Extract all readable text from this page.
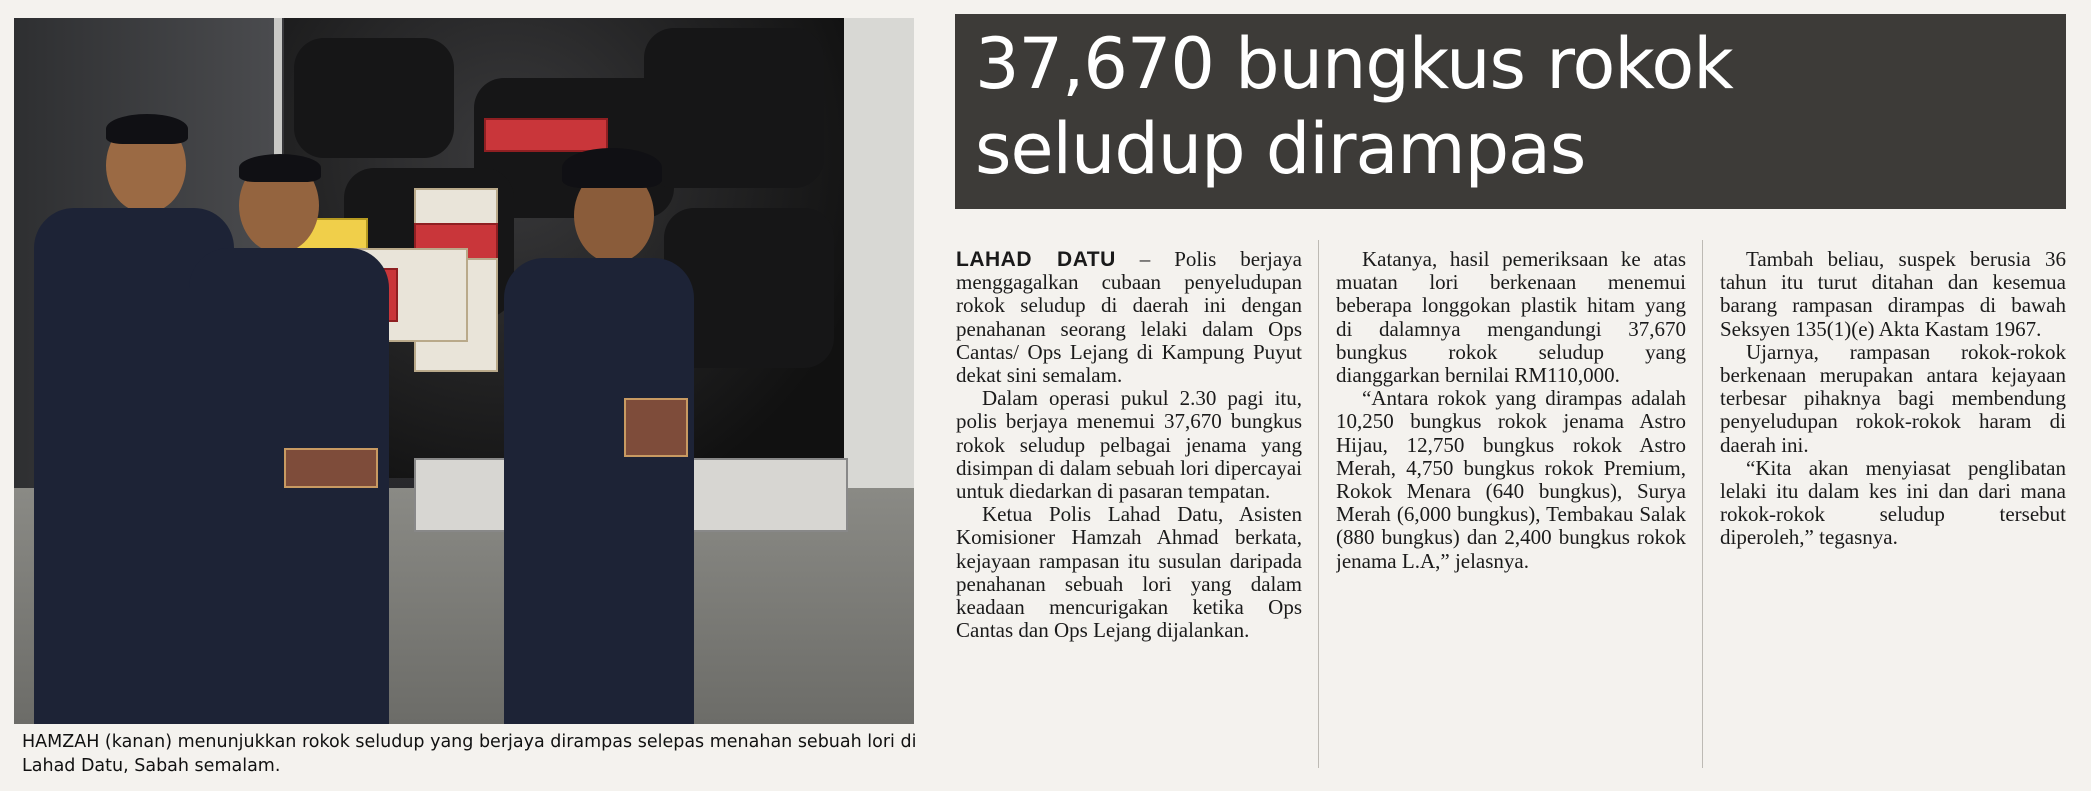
HAMZAH (kanan) menunjukkan rokok seludup yang berjaya dirampas selepas menahan sebuah lori di Lahad Datu, Sabah semalam.
37,670 bungkus rokok
seludup dirampas

LAHAD DATU – Polis berjaya menggagalkan cubaan penyeludupan rokok seludup di daerah ini dengan penahanan seorang lelaki dalam Ops Cantas/ Ops Lejang di Kampung Puyut dekat sini semalam.

Dalam operasi pukul 2.30 pagi itu, polis berjaya menemui 37,670 bungkus rokok seludup pelbagai jenama yang disimpan di dalam sebuah lori dipercayai untuk diedarkan di pasaran tempatan.

Ketua Polis Lahad Datu, Asisten Komisioner Hamzah Ahmad berkata, kejayaan rampasan itu susulan daripada penahanan sebuah lori yang dalam keadaan mencurigakan ketika Ops Cantas dan Ops Lejang dijalankan.

Katanya, hasil pemeriksaan ke atas muatan lori berkenaan menemui beberapa longgokan plastik hitam yang di dalamnya mengandungi 37,670 bungkus rokok seludup yang dianggarkan bernilai RM110,000.

“Antara rokok yang dirampas adalah 10,250 bungkus rokok jenama Astro Hijau, 12,750 bungkus rokok Astro Merah, 4,750 bungkus rokok Premium, Rokok Menara (640 bungkus), Surya Merah (6,000 bungkus), Tembakau Salak (880 bungkus) dan 2,400 bungkus rokok jenama L.A,” jelasnya.

Tambah beliau, suspek berusia 36 tahun itu turut ditahan dan kesemua barang rampasan dirampas di bawah Seksyen 135(1)(e) Akta Kastam 1967.

Ujarnya, rampasan rokok-rokok berkenaan merupakan antara kejayaan terbesar pihaknya bagi membendung penyeludupan rokok-rokok haram di daerah ini.

“Kita akan menyiasat penglibatan lelaki itu dalam kes ini dan dari mana rokok-rokok seludup tersebut diperoleh,” tegasnya.
